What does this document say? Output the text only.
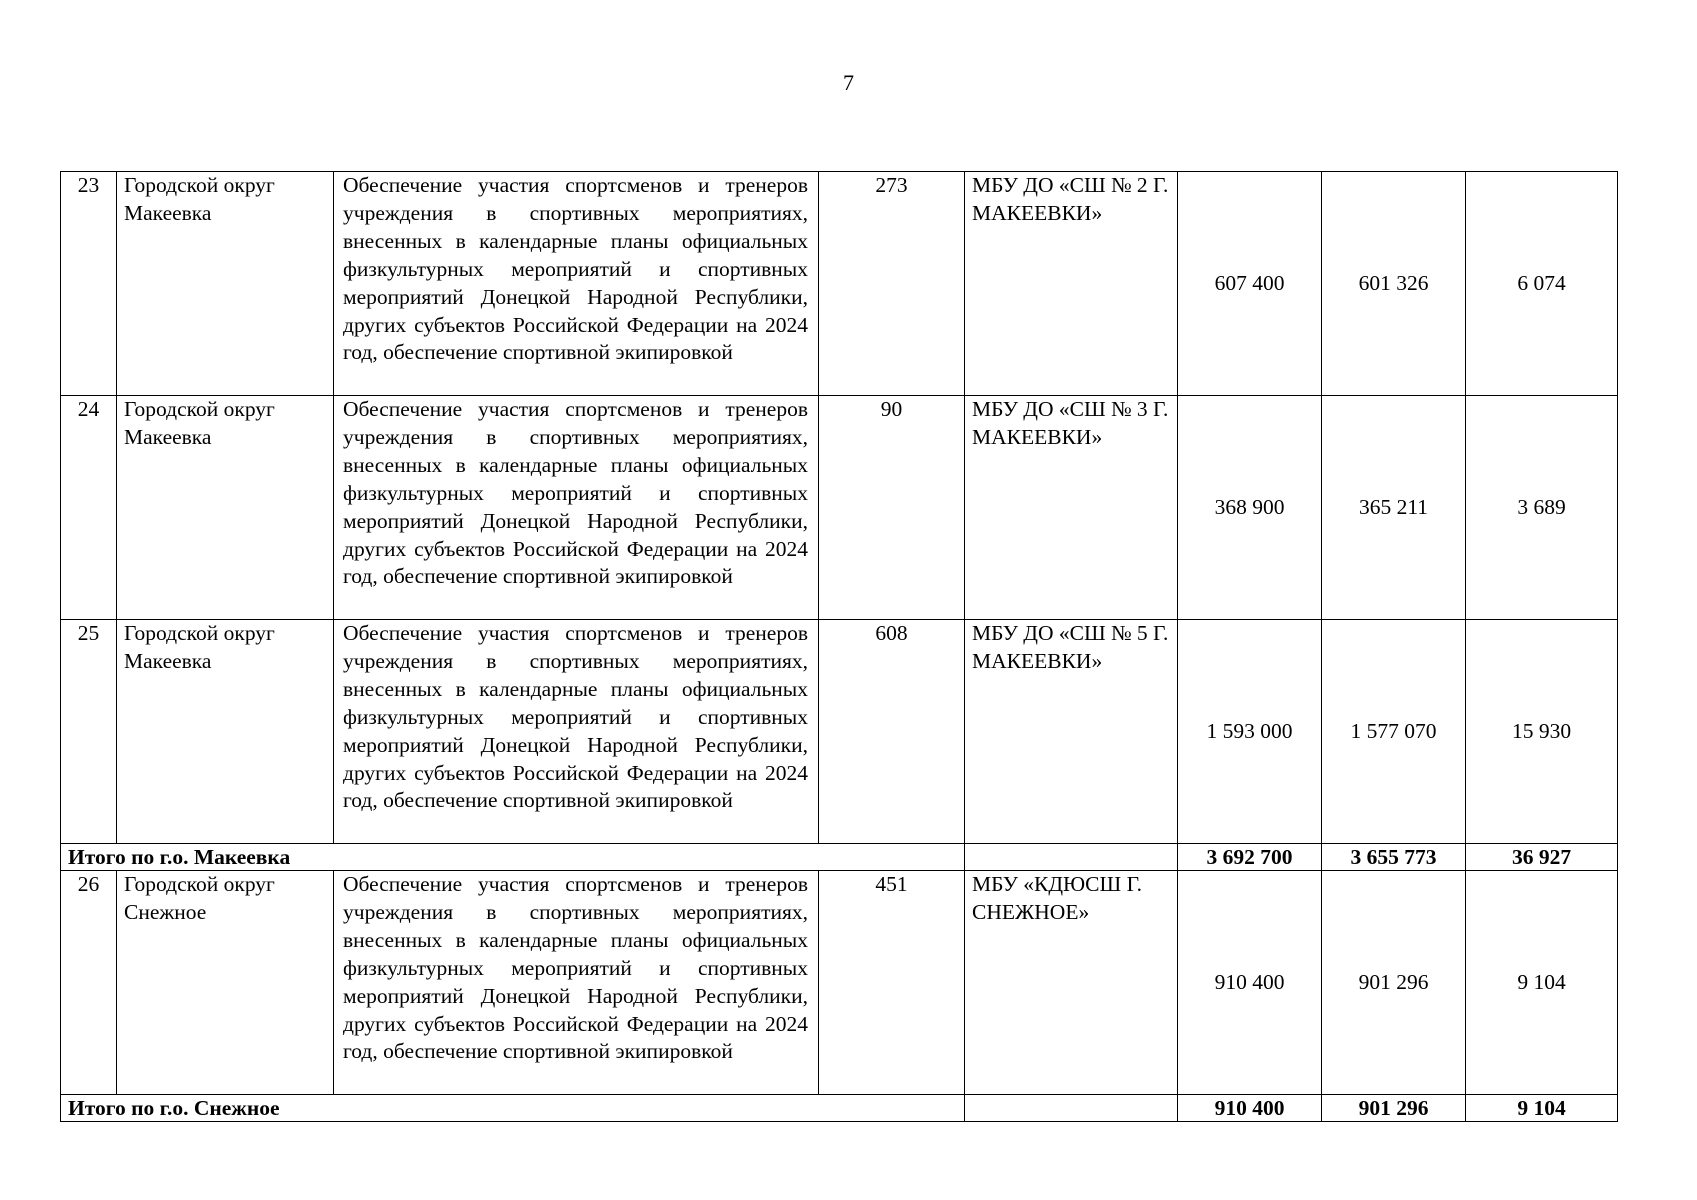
7
23	Городской округ Макеевка	Обеспечение участия спортсменов и тренеров учреждения в спортивных мероприятиях, внесенных в календарные планы официальных физкультурных мероприятий и спортивных мероприятий Донецкой Народной Республики, других субъектов Российской Федерации на 2024 год, обеспечение спортивной экипировкой	273	МБУ ДО «СШ № 2 Г. МАКЕЕВКИ»	607 400	601 326	6 074
24	Городской округ Макеевка	Обеспечение участия спортсменов и тренеров учреждения в спортивных мероприятиях, внесенных в календарные планы официальных физкультурных мероприятий и спортивных мероприятий Донецкой Народной Республики, других субъектов Российской Федерации на 2024 год, обеспечение спортивной экипировкой	90	МБУ ДО «СШ № 3 Г. МАКЕЕВКИ»	368 900	365 211	3 689
25	Городской округ Макеевка	Обеспечение участия спортсменов и тренеров учреждения в спортивных мероприятиях, внесенных в календарные планы официальных физкультурных мероприятий и спортивных мероприятий Донецкой Народной Республики, других субъектов Российской Федерации на 2024 год, обеспечение спортивной экипировкой	608	МБУ ДО «СШ № 5 Г. МАКЕЕВКИ»	1 593 000	1 577 070	15 930
Итого по г.о. Макеевка					3 692 700	3 655 773	36 927
26	Городской округ Снежное	Обеспечение участия спортсменов и тренеров учреждения в спортивных мероприятиях, внесенных в календарные планы официальных физкультурных мероприятий и спортивных мероприятий Донецкой Народной Республики, других субъектов Российской Федерации на 2024 год, обеспечение спортивной экипировкой	451	МБУ «КДЮСШ Г. СНЕЖНОЕ»	910 400	901 296	9 104
Итого по г.о. Снежное					910 400	901 296	9 104
